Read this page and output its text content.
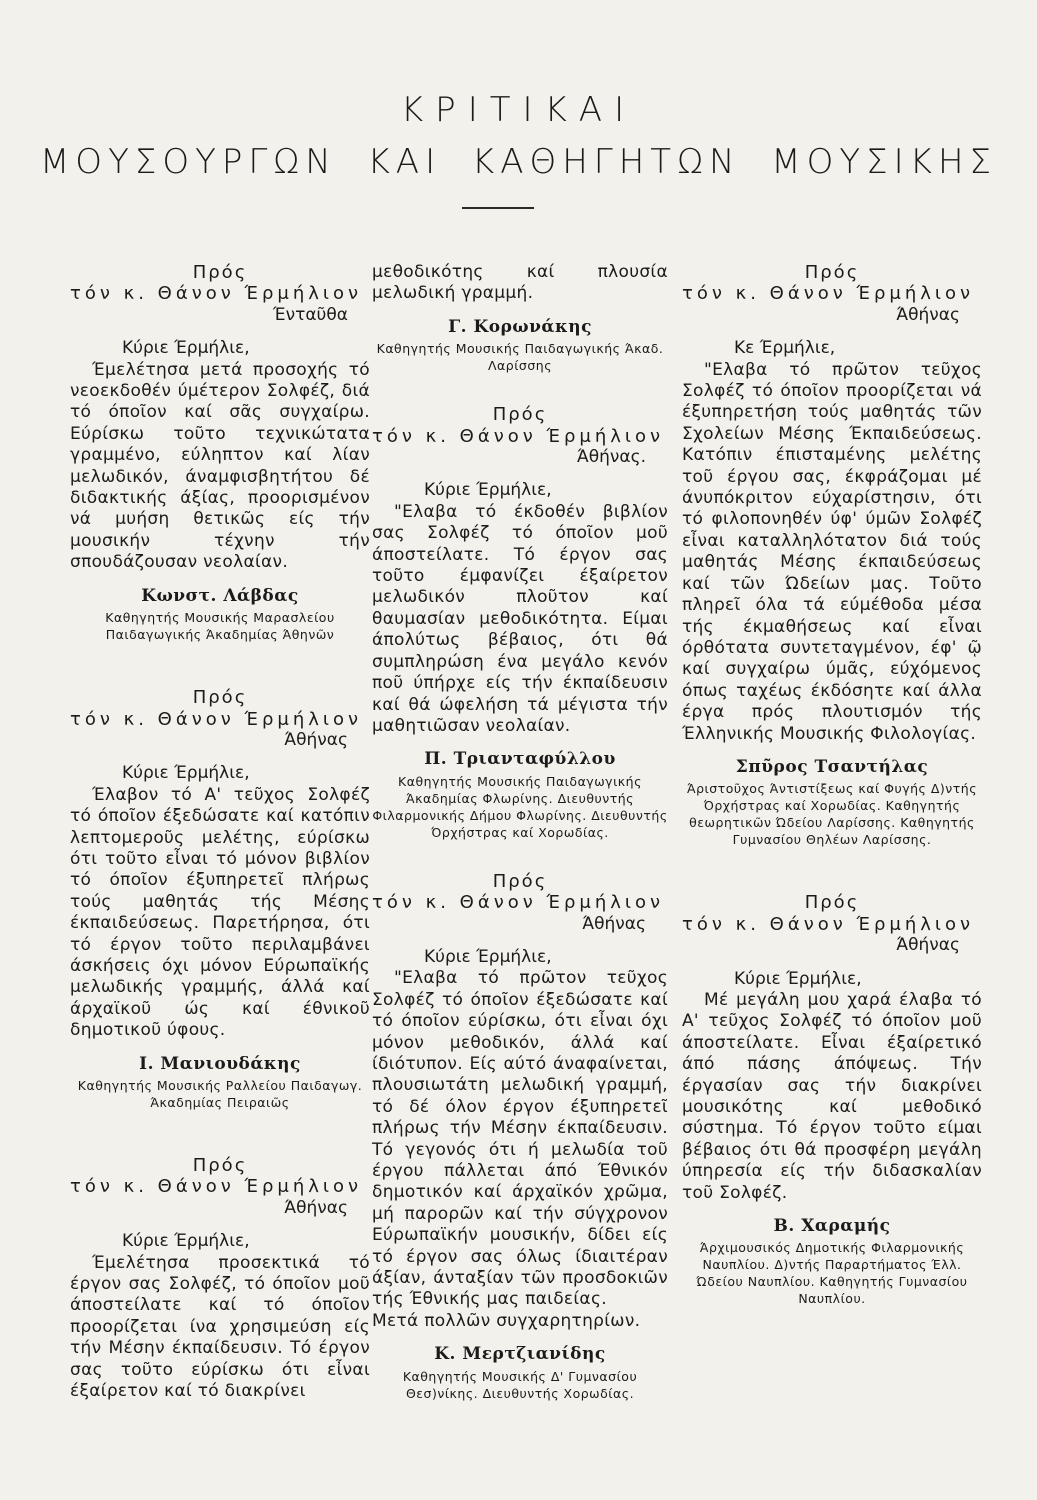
ΚΡΙΤΙΚΑΙ
ΜΟΥΣΟΥΡΓΩΝ ΚΑΙ ΚΑΘΗΓΗΤΩΝ ΜΟΥΣΙΚΗΣ
Πρός
τόν κ. Θάνον Έρμήλιον
Ένταῦθα
Κύριε Έρμήλιε,
Έμελέτησα μετά προσοχής τό νεοεκδοθέν ύμέτερον Σολφέζ, διά τό όποῖον καί σᾶς συγχαίρω. Εύρίσκω τοῦτο τεχνικώτατα γραμμένο, εύληπτον καί λίαν μελωδικόν, άναμφισβητήτου δέ διδακτικής άξίας, προορισμένον νά μυήση θετικῶς είς τήν μουσικήν τέχνην τήν σπουδάζουσαν νεολαίαν.
Κωνστ. Λάβδας
Καθηγητής Μουσικής Μαρασλείου Παιδαγωγικής Άκαδημίας Άθηνῶν
Πρός
τόν κ. Θάνον Έρμήλιον
Άθήνας
Κύριε Έρμήλιε,
Έλαβον τό Α' τεῦχος Σολφέζ τό όποῖον έξεδώσατε καί κατόπιν λεπτομεροῦς μελέτης, εύρίσκω ότι τοῦτο εἶναι τό μόνον βιβλίον τό όποῖον έξυπηρετεῖ πλήρως τούς μαθητάς τής Μέσης έκπαιδεύσεως. Παρετήρησα, ότι τό έργον τοῦτο περιλαμβάνει άσκήσεις όχι μόνον Εύρωπαϊκής μελωδικής γραμμής, άλλά καί άρχαϊκοῦ ώς καί έθνικοῦ δημοτικοῦ ύφους.
Ι. Μανιουδάκης
Καθηγητής Μουσικής Ραλλείου Παιδαγωγ. Άκαδημίας Πειραιῶς
Πρός
τόν κ. Θάνον Έρμήλιον
Άθήνας
Κύριε Έρμήλιε,
Έμελέτησα προσεκτικά τό έργον σας Σολφέζ, τό όποῖον μοῦ άποστείλατε καί τό όποῖον προορίζεται ίνα χρησιμεύση είς τήν Μέσην έκπαίδευσιν. Τό έργον σας τοῦτο εύρίσκω ότι εἶναι έξαίρετον καί τό διακρίνει
μεθοδικότης καί πλουσία μελωδική γραμμή.
Γ. Κορωνάκης
Καθηγητής Μουσικής Παιδαγωγικής Άκαδ. Λαρίσσης
Πρός
τόν κ. Θάνον Έρμήλιον
Άθήνας.
Κύριε Έρμήλιε,
"Ελαβα τό έκδοθέν βιβλίον σας Σολφέζ τό όποῖον μοῦ άποστείλατε. Τό έργον σας τοῦτο έμφανίζει έξαίρετον μελωδικόν πλοῦτον καί θαυμασίαν μεθοδικότητα. Είμαι άπολύτως βέβαιος, ότι θά συμπληρώση ένα μεγάλο κενόν ποῦ ύπήρχε είς τήν έκπαίδευσιν καί θά ώφελήση τά μέγιστα τήν μαθητιῶσαν νεολαίαν.
Π. Τριανταφύλλου
Καθηγητής Μουσικής Παιδαγωγικής Άκαδημίας Φλωρίνης. Διευθυντής Φιλαρμονικής Δήμου Φλωρίνης. Διευθυντής Όρχήστρας καί Χορωδίας.
Πρός
τόν κ. Θάνον Έρμήλιον
Άθήνας
Κύριε Έρμήλιε,
"Ελαβα τό πρῶτον τεῦχος Σολφέζ τό όποῖον έξεδώσατε καί τό όποῖον εύρίσκω, ότι εἶναι όχι μόνον μεθοδικόν, άλλά καί ίδιότυπον. Είς αύτό άναφαίνεται, πλουσιωτάτη μελωδική γραμμή, τό δέ όλον έργον έξυπηρετεῖ πλήρως τήν Μέσην έκπαίδευσιν. Τό γεγονός ότι ή μελωδία τοῦ έργου πάλλεται άπό Έθνικόν δημοτικόν καί άρχαϊκόν χρῶμα, μή παρορῶν καί τήν σύγχρονον Εύρωπαϊκήν μουσικήν, δίδει είς τό έργον σας όλως ίδιαιτέραν άξίαν, άνταξίαν τῶν προσδοκιῶν τής Έθνικής μας παιδείας.
Μετά πολλῶν συγχαρητηρίων.
Κ. Μερτζιανίδης
Καθηγητής Μουσικής Δ' Γυμνασίου Θεσ)νίκης. Διευθυντής Χορωδίας.
Πρός
τόν κ. Θάνον Έρμήλιον
Άθήνας
Κε Έρμήλιε,
"Ελαβα τό πρῶτον τεῦχος Σολφέζ τό όποῖον προορίζεται νά έξυπηρετήση τούς μαθητάς τῶν Σχολείων Μέσης Έκπαιδεύσεως. Κατόπιν έπισταμένης μελέτης τοῦ έργου σας, έκφράζομαι μέ άνυπόκριτον εύχαρίστησιν, ότι τό φιλοπονηθέν ύφ' ύμῶν Σολφέζ εἶναι καταλληλότατον διά τούς μαθητάς Μέσης έκπαιδεύσεως καί τῶν Ώδείων μας. Τοῦτο πληρεῖ όλα τά εύμέθοδα μέσα τής έκμαθήσεως καί εἶναι όρθότατα συντεταγμένον, έφ' ῷ καί συγχαίρω ύμᾶς, εύχόμενος όπως ταχέως έκδόσητε καί άλλα έργα πρός πλουτισμόν τής Έλληνικής Μουσικής Φιλολογίας.
Σπῦρος Τσαντήλας
Άριστοῦχος Άντιστίξεως καί Φυγής Δ)ντής Όρχήστρας καί Χορωδίας. Καθηγητής θεωρητικῶν Ώδείου Λαρίσσης. Καθηγητής Γυμνασίου Θηλέων Λαρίσσης.
Πρός
τόν κ. Θάνον Έρμήλιον
Άθήνας
Κύριε Έρμήλιε,
Μέ μεγάλη μου χαρά έλαβα τό Α' τεῦχος Σολφέζ τό όποῖον μοῦ άποστείλατε. Εἶναι έξαίρετικό άπό πάσης άπόψεως. Τήν έργασίαν σας τήν διακρίνει μουσικότης καί μεθοδικό σύστημα. Τό έργον τοῦτο είμαι βέβαιος ότι θά προσφέρη μεγάλη ύπηρεσία είς τήν διδασκαλίαν τοῦ Σολφέζ.
Β. Χαραμής
Άρχιμουσικός Δημοτικής Φιλαρμονικής Ναυπλίου. Δ)ντής Παραρτήματος Έλλ. Ώδείου Ναυπλίου. Καθηγητής Γυμνασίου Ναυπλίου.
